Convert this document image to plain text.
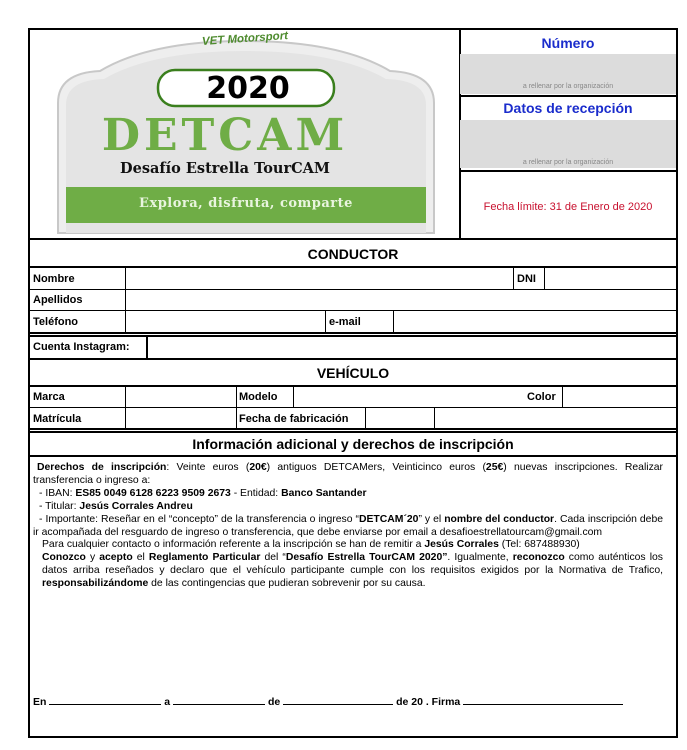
VET Motorsport
2020
DETCAM
Desafío Estrella TourCAM
Explora, disfruta, comparte
Número
a rellenar por la organización
Datos de recepción
a rellenar por la organización
Fecha límite: 31 de Enero de 2020
CONDUCTOR
Nombre	DNI
Apellidos
Teléfono	e-mail
Cuenta Instagram:
VEHÍCULO
Marca	Modelo	Color
Matrícula	Fecha de fabricación
Información adicional y derechos de inscripción

Derechos de inscripción: Veinte euros (20€) antiguos DETCAMers, Veinticinco euros (25€) nuevas inscripciones. Realizar transferencia o ingreso a:

- IBAN: ES85 0049 6128 6223 9509 2673 - Entidad: Banco Santander

- Titular: Jesús Corrales Andreu

- Importante: Reseñar en el “concepto” de la transferencia o ingreso “DETCAM´20” y el nombre del conductor. Cada inscripción debe ir acompañada del resguardo de ingreso o transferencia, que debe enviarse por email a desafioestrellatourcam@gmail.com

Para cualquier contacto o información referente a la inscripción se han de remitir a Jesús Corrales (Tel: 687488930)

Conozco y acepto el Reglamento Particular del “Desafío Estrella TourCAM 2020”. Igualmente, reconozco como auténticos los datos arriba reseñados y declaro que el vehículo participante cumple con los requisitos exigidos por la Normativa de Trafico, responsabilizándome de las contingencias que pudieran sobrevenir por su causa.

En	a	de	de 20 . Firma
